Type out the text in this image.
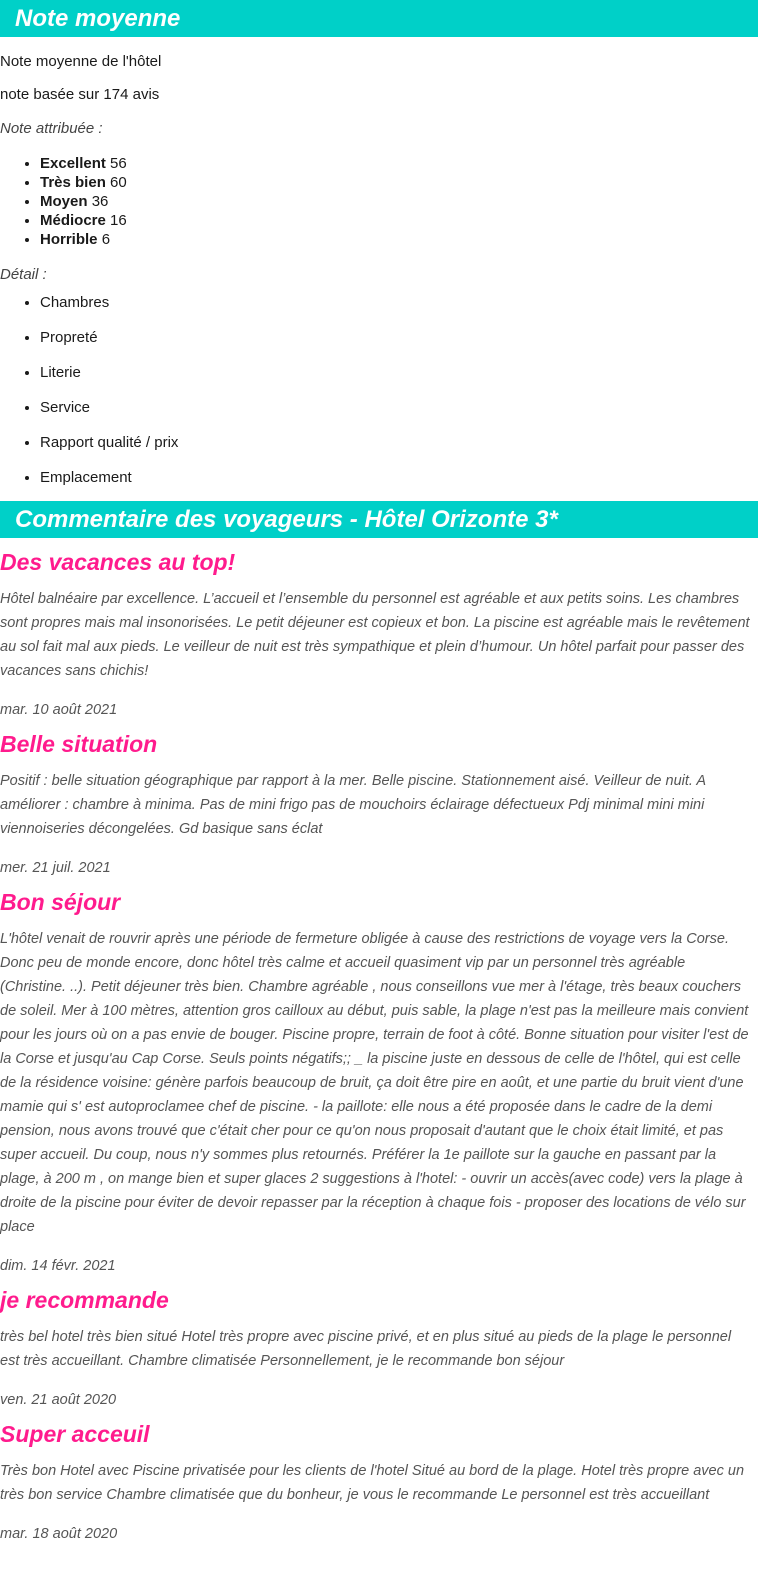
Note moyenne

Note moyenne de l'hôtel

note basée sur 174 avis

Note attribuée :

• Excellent 56
• Très bien 60
• Moyen 36
• Médiocre 16
• Horrible 6

Détail :

• Chambres
• Propreté
• Literie
• Service
• Rapport qualité / prix
• Emplacement
Commentaire des voyageurs - Hôtel Orizonte 3*
Des vacances au top!

Hôtel balnéaire par excellence. L’accueil et l’ensemble du personnel est agréable et aux petits soins. Les chambres sont propres mais mal insonorisées. Le petit déjeuner est copieux et bon. La piscine est agréable mais le revêtement au sol fait mal aux pieds. Le veilleur de nuit est très sympathique et plein d’humour. Un hôtel parfait pour passer des vacances sans chichis!

mar. 10 août 2021

Belle situation

Positif : belle situation géographique par rapport à la mer. Belle piscine. Stationnement aisé. Veilleur de nuit. A améliorer : chambre à minima. Pas de mini frigo pas de mouchoirs éclairage défectueux Pdj minimal mini mini viennoiseries décongelées. Gd basique sans éclat

mer. 21 juil. 2021

Bon séjour

L'hôtel venait de rouvrir après une période de fermeture obligée à cause des restrictions de voyage vers la Corse. Donc peu de monde encore, donc hôtel très calme et accueil quasiment vip par un personnel très agréable (Christine. ..). Petit déjeuner très bien. Chambre agréable , nous conseillons vue mer à l'étage, très beaux couchers de soleil. Mer à 100 mètres, attention gros cailloux au début, puis sable, la plage n'est pas la meilleure mais convient pour les jours où on a pas envie de bouger. Piscine propre, terrain de foot à côté. Bonne situation pour visiter l'est de la Corse et jusqu'au Cap Corse. Seuls points négatifs;; _ la piscine juste en dessous de celle de l'hôtel, qui est celle de la résidence voisine: génère parfois beaucoup de bruit, ça doit être pire en août, et une partie du bruit vient d'une mamie qui s' est autoproclamee chef de piscine. - la paillote: elle nous a été proposée dans le cadre de la demi pension, nous avons trouvé que c'était cher pour ce qu'on nous proposait d'autant que le choix était limité, et pas super accueil. Du coup, nous n'y sommes plus retournés. Préférer la 1e paillote sur la gauche en passant par la plage, à 200 m , on mange bien et super glaces 2 suggestions à l'hotel: - ouvrir un accès(avec code) vers la plage à droite de la piscine pour éviter de devoir repasser par la réception à chaque fois - proposer des locations de vélo sur place

dim. 14 févr. 2021

je recommande

très bel hotel très bien situé Hotel très propre avec piscine privé, et en plus situé au pieds de la plage le personnel est très accueillant. Chambre climatisée Personnellement, je le recommande bon séjour

ven. 21 août 2020

Super acceuil

Très bon Hotel avec Piscine privatisée pour les clients de l'hotel Situé au bord de la plage. Hotel très propre avec un très bon service Chambre climatisée que du bonheur, je vous le recommande Le personnel est très accueillant

mar. 18 août 2020
